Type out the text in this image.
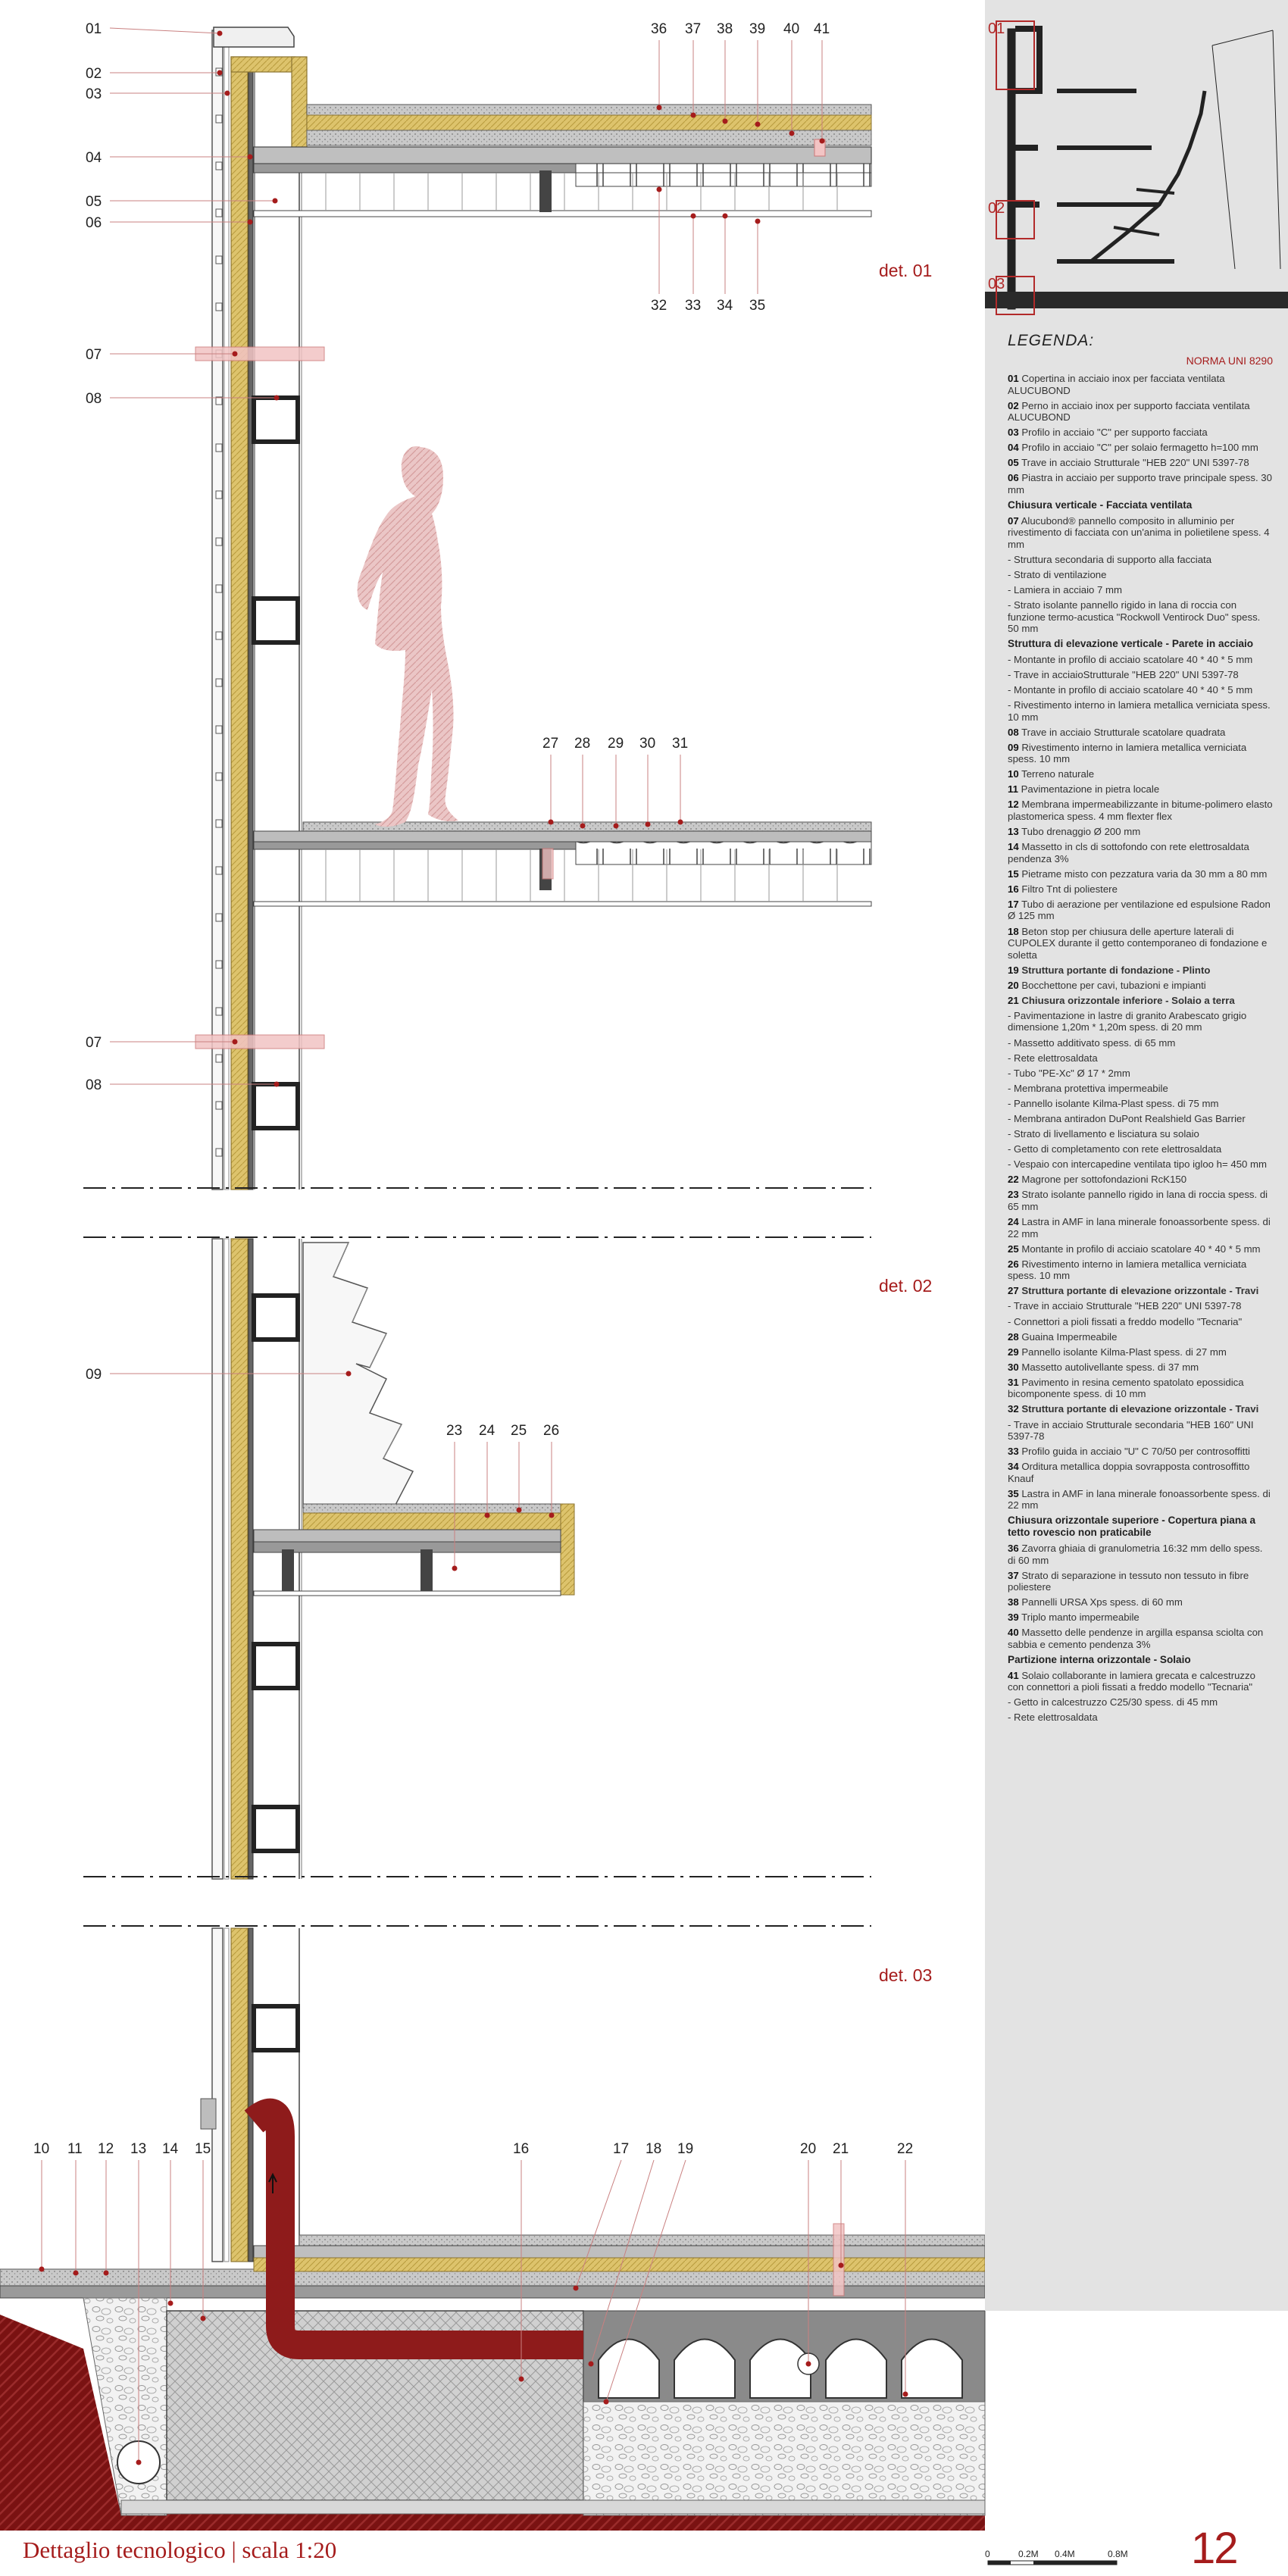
01
02
03
04
05
06
07
08
07
08
09
36 37 38 39 40 41
32 33 34 35
27 28 29 30 31
23 24 25 26
10 11 12 13 14 15	16	17 18 19	20 21	22
det. 01
det. 02
det. 03
01
02
03
LEGENDA:
NORMA UNI 8290
01 Copertina in acciaio inox per facciata ventilata ALUCUBOND
02 Perno in acciaio inox per supporto facciata ventilata ALUCUBOND
03 Profilo in acciaio "C" per supporto facciata
04 Profilo in acciaio "C" per solaio fermagetto h=100 mm
05 Trave in acciaio Strutturale "HEB 220" UNI 5397-78
06 Piastra in acciaio per supporto trave principale spess. 30 mm
Chiusura verticale - Facciata ventilata
07 Alucubond® pannello composito in alluminio per rivestimento di facciata con un'anima in polietilene spess. 4 mm
- Struttura secondaria di supporto alla facciata
- Strato di ventilazione
- Lamiera in acciaio 7 mm
- Strato isolante pannello rigido in lana di roccia con funzione termo-acustica "Rockwoll Ventirock Duo" spess. 50 mm
Struttura di elevazione verticale - Parete in acciaio
- Montante in profilo di acciaio scatolare 40 * 40 * 5 mm
- Trave in acciaioStrutturale "HEB 220" UNI 5397-78
- Montante in profilo di acciaio scatolare 40 * 40 * 5 mm
- Rivestimento interno in lamiera metallica verniciata spess. 10 mm
08 Trave in acciaio Strutturale scatolare quadrata
09 Rivestimento interno in lamiera metallica verniciata spess. 10 mm
10 Terreno naturale
11 Pavimentazione in pietra locale
12 Membrana impermeabilizzante in bitume-polimero elasto plastomerica spess. 4 mm flexter flex
13 Tubo drenaggio Ø 200 mm
14 Massetto in cls di sottofondo con rete elettrosaldata pendenza 3%
15 Pietrame misto con pezzatura varia da 30 mm a 80 mm
16 Filtro Tnt di poliestere
17 Tubo di aerazione per ventilazione ed espulsione Radon Ø 125 mm
18 Beton stop per chiusura delle aperture laterali di CUPOLEX durante il getto contemporaneo di fondazione e soletta
19 Struttura portante di fondazione - Plinto
20 Bocchettone per cavi, tubazioni e impianti
21 Chiusura orizzontale inferiore - Solaio a terra
- Pavimentazione in lastre di granito Arabescato grigio dimensione 1,20m * 1,20m spess. di 20 mm
- Massetto additivato spess. di 65 mm
- Rete elettrosaldata
- Tubo "PE-Xc" Ø 17 * 2mm
- Membrana protettiva impermeabile
- Pannello isolante Kilma-Plast spess. di 75 mm
- Membrana antiradon DuPont Realshield Gas Barrier
- Strato di livellamento e lisciatura su solaio
- Getto di completamento con rete elettrosaldata
- Vespaio con intercapedine ventilata tipo igloo h= 450 mm
22 Magrone per sottofondazioni RcK150
23 Strato isolante pannello rigido in lana di roccia spess. di 65 mm
24 Lastra in AMF in lana minerale fonoassorbente spess. di 22 mm
25 Montante in profilo di acciaio scatolare 40 * 40 * 5 mm
26 Rivestimento interno in lamiera metallica verniciata spess. 10 mm
27 Struttura portante di elevazione orizzontale - Travi
- Trave in acciaio Strutturale "HEB 220" UNI 5397-78
- Connettori a pioli fissati a freddo modello "Tecnaria"
28 Guaina Impermeabile
29 Pannello isolante Kilma-Plast spess. di 27 mm
30 Massetto autolivellante spess. di 37 mm
31 Pavimento in resina cemento spatolato epossidica bicomponente spess. di 10 mm
32 Struttura portante di elevazione orizzontale - Travi
- Trave in acciaio Strutturale secondaria "HEB 160" UNI 5397-78
33 Profilo guida in acciaio "U" C 70/50 per controsoffitti
34 Orditura metallica doppia sovrapposta controsoffitto Knauf
35 Lastra in AMF in lana minerale fonoassorbente spess. di 22 mm
Chiusura orizzontale superiore - Copertura piana a tetto rovescio non praticabile
36 Zavorra ghiaia di granulometria 16:32 mm dello spess. di 60 mm
37 Strato di separazione in tessuto non tessuto in fibre poliestere
38 Pannelli URSA Xps spess. di 60 mm
39 Triplo manto impermeabile
40 Massetto delle pendenze in argilla espansa sciolta con sabbia e cemento pendenza 3%
Partizione interna orizzontale - Solaio
41 Solaio collaborante in lamiera grecata e calcestruzzo con connettori a pioli fissati a freddo modello "Tecnaria"
- Getto in calcestruzzo C25/30 spess. di 45 mm
- Rete elettrosaldata
Dettaglio tecnologico | scala 1:20	12
0	0.2M 0.4M	0.8M
